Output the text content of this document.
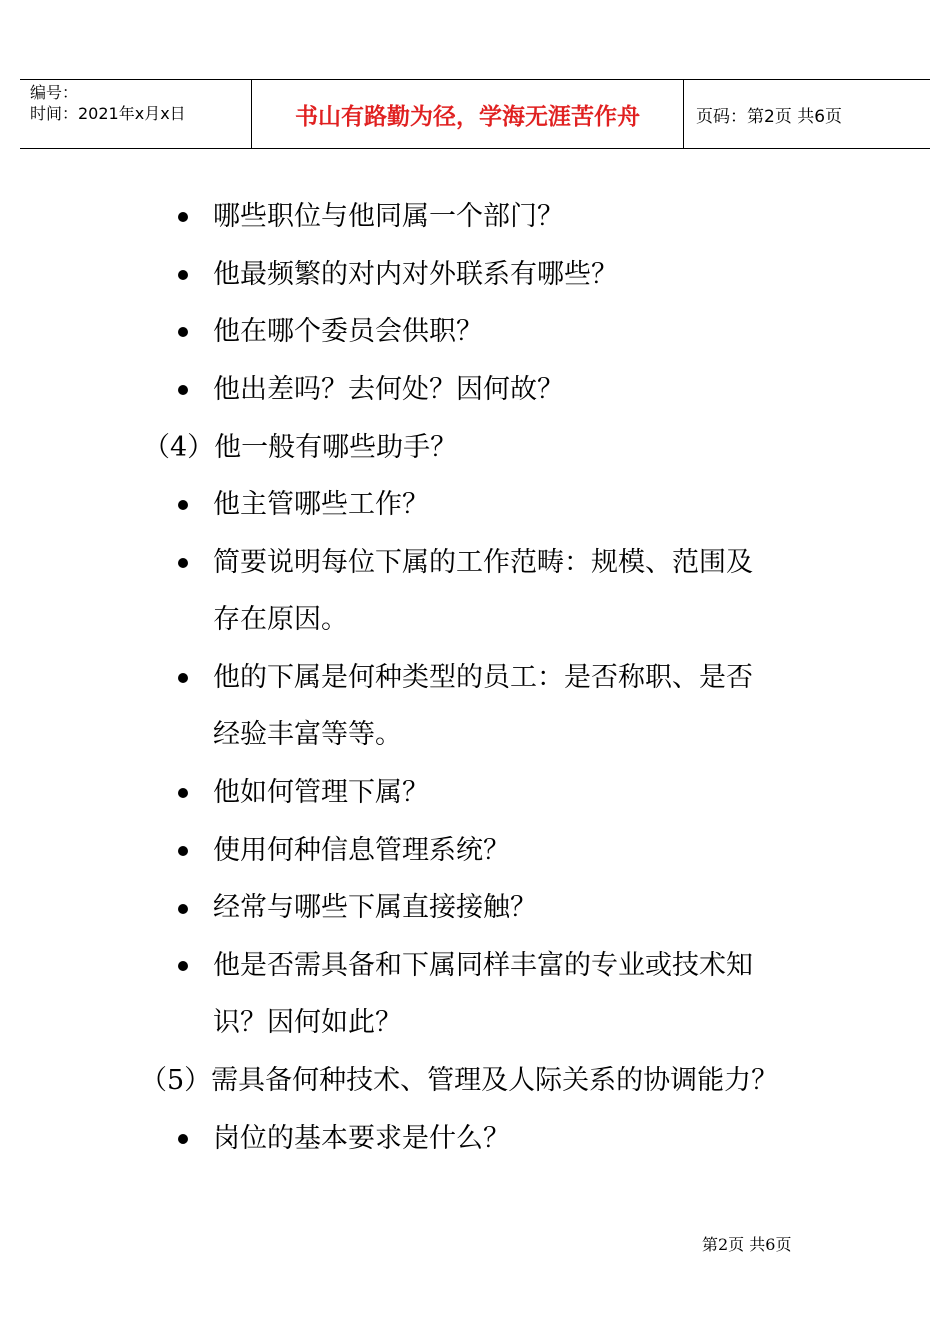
编号：
时间：2021年x月x日	书山有路勤为径，学海无涯苦作舟	页码：第2页 共6页
哪些职位与他同属一个部门？
他最频繁的对内对外联系有哪些？
他在哪个委员会供职？
他出差吗？去何处？因何故？
（4）他一般有哪些助手？
他主管哪些工作？
简要说明每位下属的工作范畴：规模、范围及
存在原因。
他的下属是何种类型的员工：是否称职、是否
经验丰富等等。
他如何管理下属？
使用何种信息管理系统？
经常与哪些下属直接接触？
他是否需具备和下属同样丰富的专业或技术知
识？因何如此？
（5）需具备何种技术、管理及人际关系的协调能力？
岗位的基本要求是什么？
第2页 共6页
